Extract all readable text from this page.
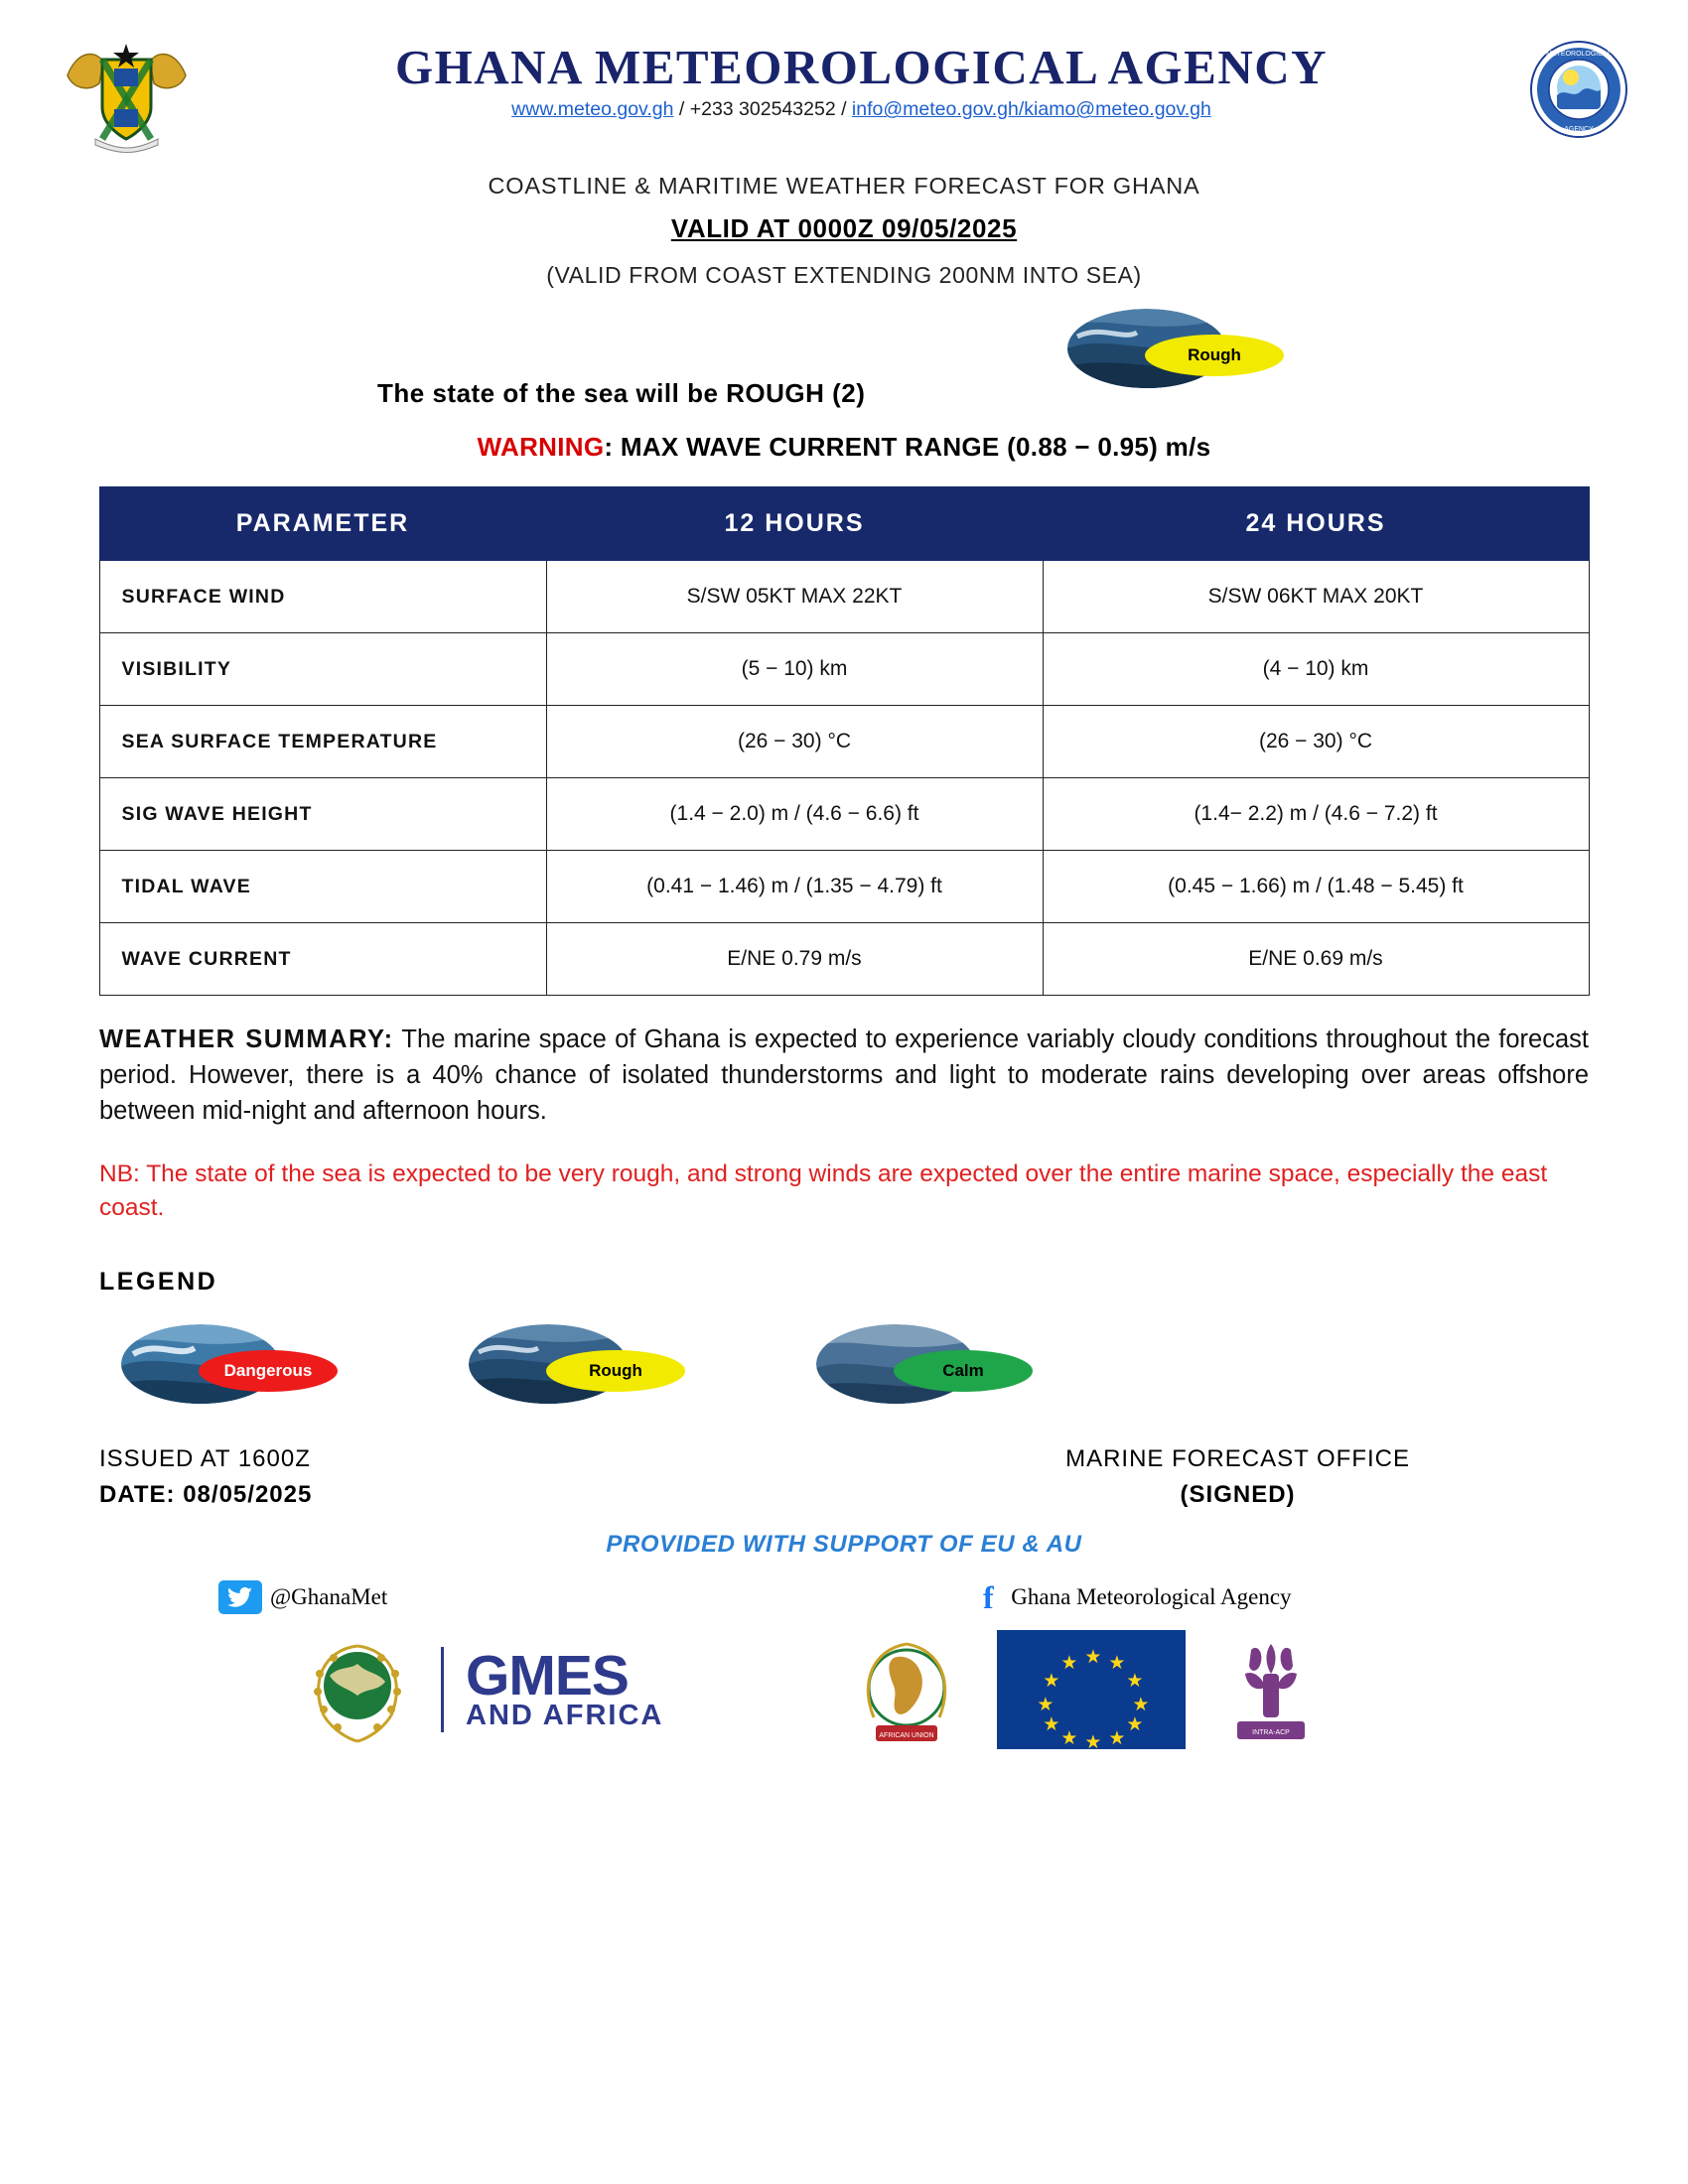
GHANA METEOROLOGICAL AGENCY
www.meteo.gov.gh / +233 302543252 / info@meteo.gov.gh/kiamo@meteo.gov.gh
METEOROLOGICAL
AGENCY
COASTLINE & MARITIME WEATHER FORECAST FOR GHANA
VALID AT 0000Z 09/05/2025
(VALID FROM COAST EXTENDING 200NM INTO SEA)
The state of the sea will be ROUGH (2)
Rough
WARNING: MAX WAVE CURRENT RANGE (0.88 − 0.95) m/s
PARAMETER	12 HOURS	24 HOURS
SURFACE WIND	S/SW 05KT MAX 22KT	S/SW 06KT MAX 20KT
VISIBILITY	(5 − 10) km	(4 − 10) km
SEA SURFACE TEMPERATURE	(26 − 30) °C	(26 − 30) °C
SIG WAVE HEIGHT	(1.4 − 2.0) m / (4.6 − 6.6) ft	(1.4− 2.2) m / (4.6 − 7.2) ft
TIDAL WAVE	(0.41 − 1.46) m / (1.35 − 4.79) ft	(0.45 − 1.66) m / (1.48 − 5.45) ft
WAVE CURRENT	E/NE 0.79 m/s	E/NE 0.69 m/s
WEATHER SUMMARY: The marine space of Ghana is expected to experience variably cloudy conditions throughout the forecast period. However, there is a 40% chance of isolated thunderstorms and light to moderate rains developing over areas offshore between mid-night and afternoon hours.
NB: The state of the sea is expected to be very rough, and strong winds are expected over the entire marine space, especially the east coast.
LEGEND
Dangerous	Rough	Calm
ISSUED AT 1600Z
DATE: 08/05/2025
MARINE FORECAST OFFICE
(SIGNED)
PROVIDED WITH SUPPORT OF EU & AU
@GhanaMet	f Ghana Meteorological Agency
GMES
AND AFRICA
AFRICAN UNION
★ ★
★
★
★
★
★
★
★
★
★
★
INTRA-ACP
